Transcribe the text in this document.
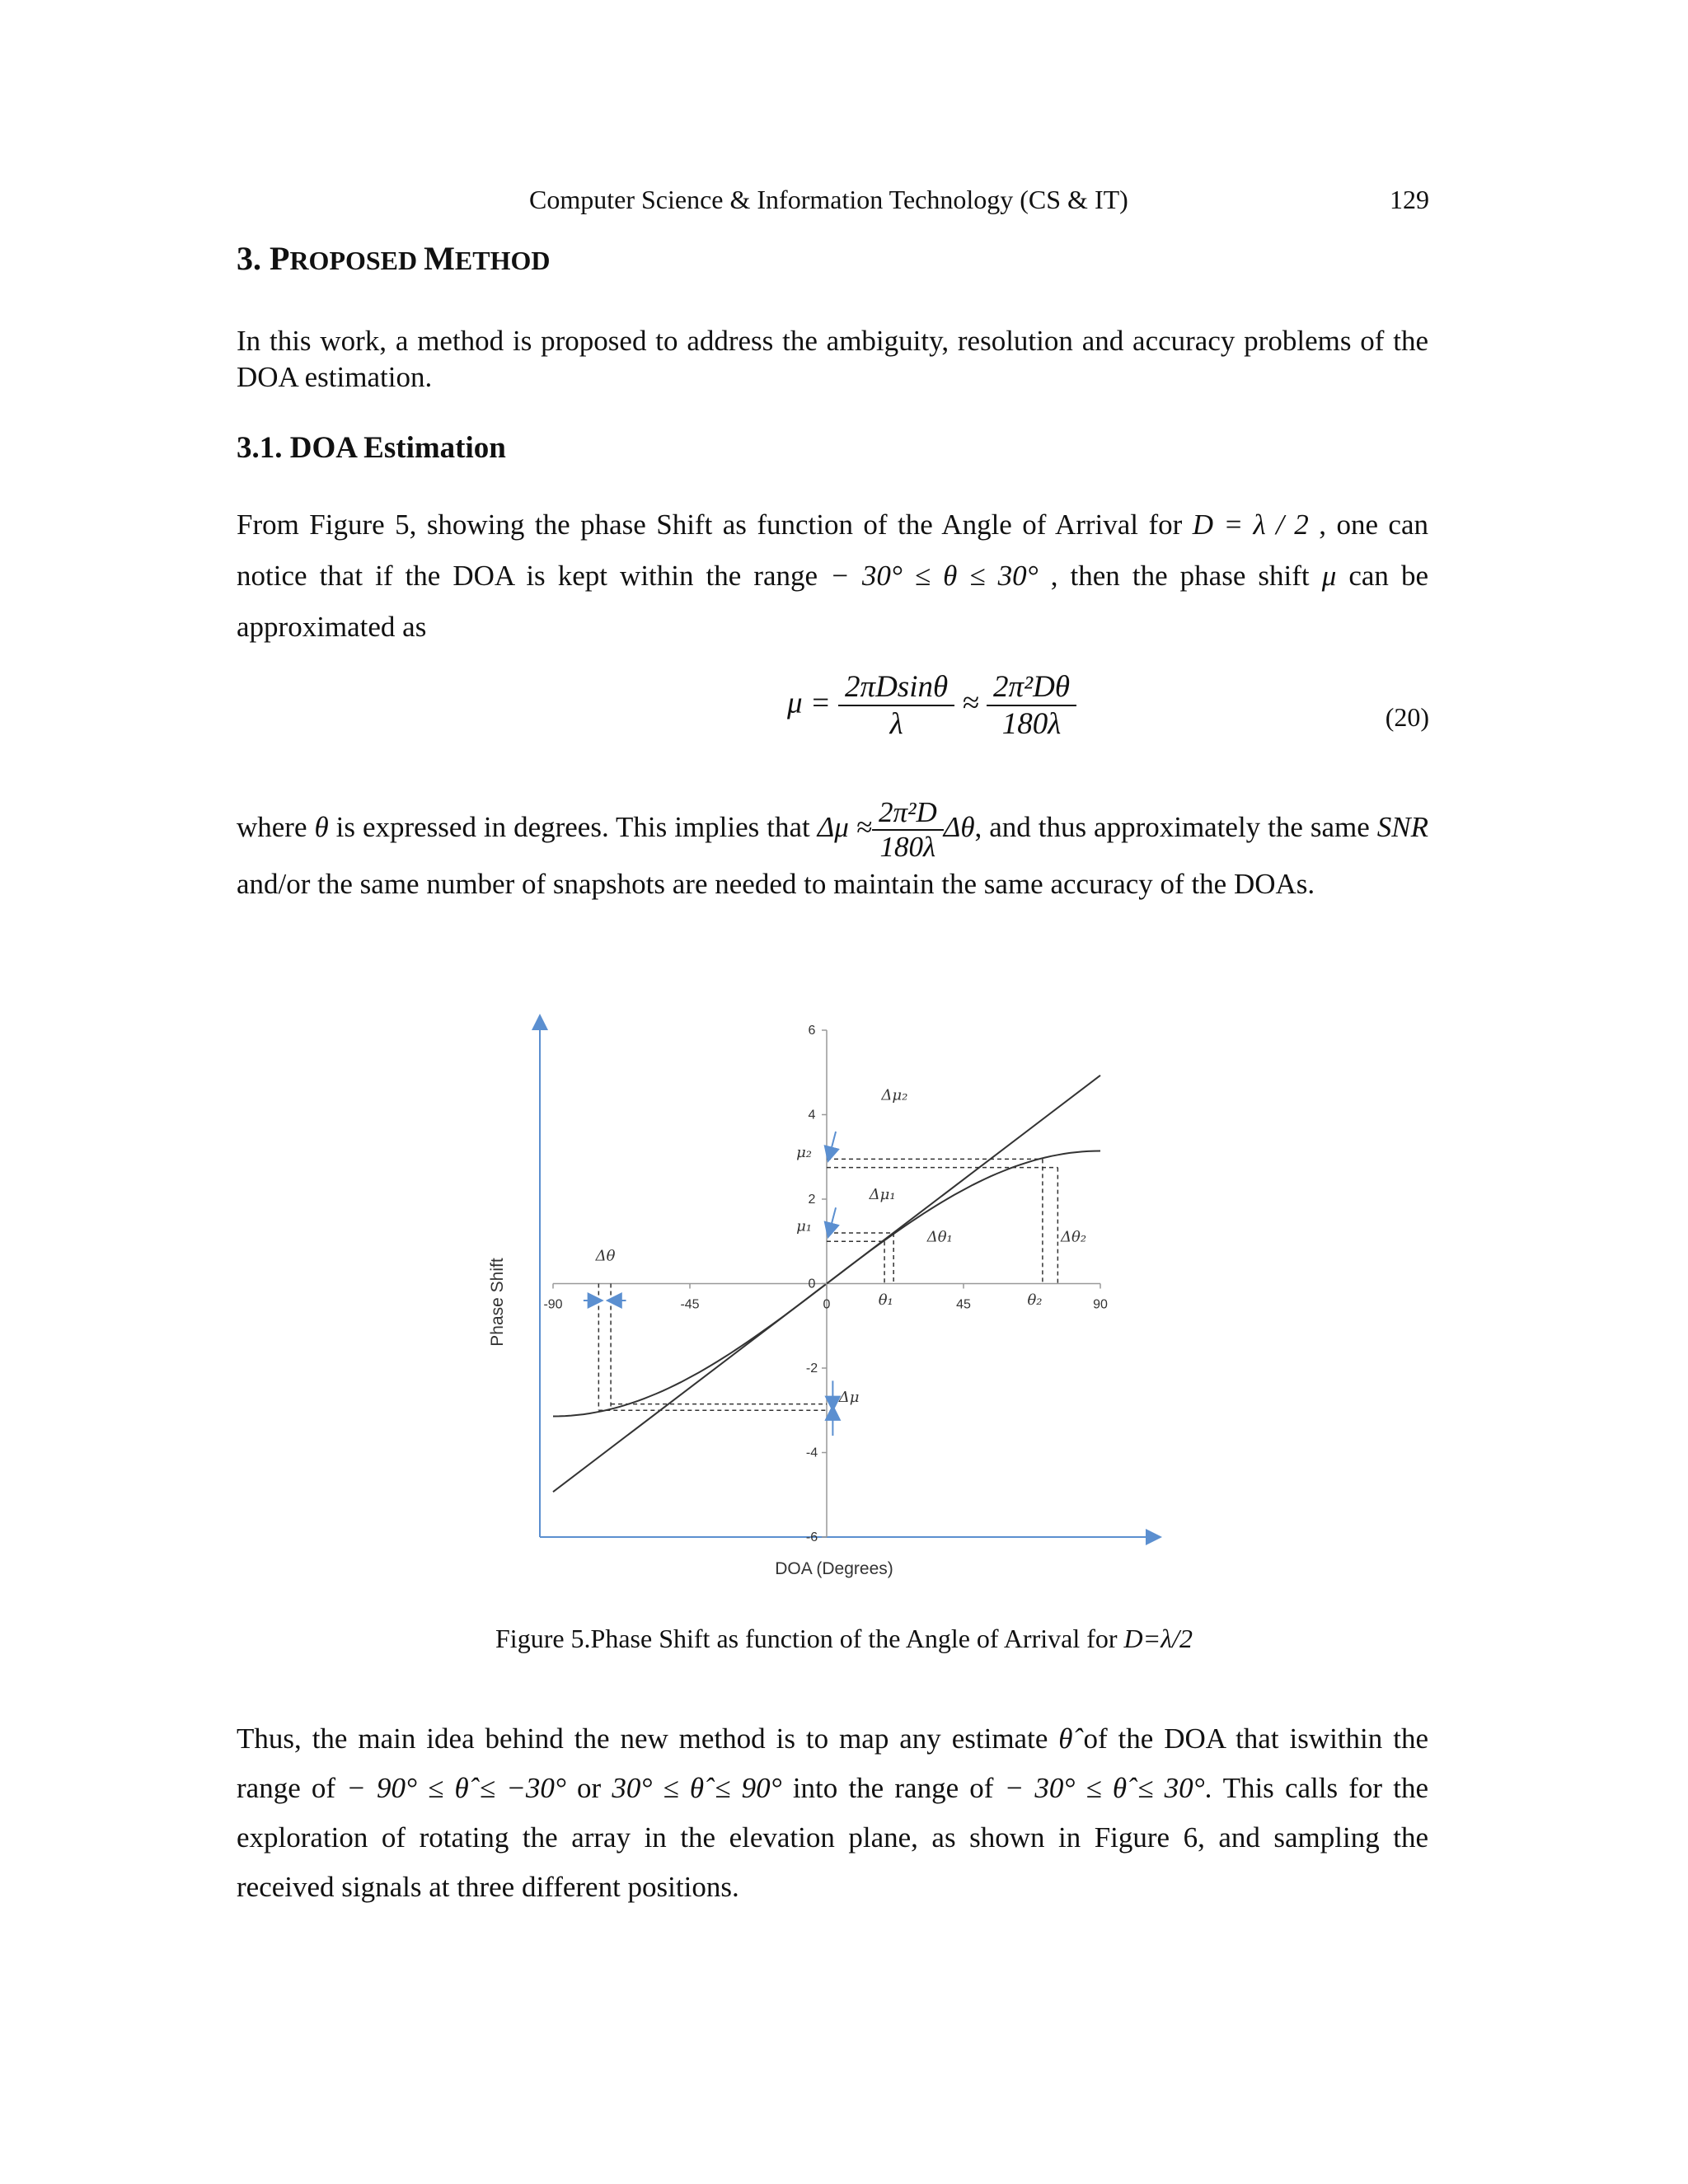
Computer Science & Information Technology (CS & IT)	129
3. PROPOSED METHOD
In this work, a method is proposed to address the ambiguity, resolution and accuracy problems of the DOA estimation.
3.1. DOA Estimation
From Figure 5, showing the phase Shift as function of the Angle of Arrival for D = λ / 2 , one can notice that if the DOA is kept within the range − 30° ≤ θ ≤ 30° , then the phase shift μ can be approximated as
$\mu = \frac{2\pi Dsin\theta}{\lambda} \approx \frac{\text{2π²Dθ}}{180\lambda}$	(20)
where θ is expressed in degrees. This implies that $\Delta\mu \approx \frac{\text{2π²D}}{180\lambda} \Delta\theta$, and thus approximately the same SNR and/or the same number of snapshots are needed to maintain the same accuracy of the DOAs.
Δμ₂
μ₂
Δμ₁
μ₁
Δθ₁	Δθ₂
Δθ
θ₁	θ₂
Δμ
-90	-45	0	45	90
6
4
2
0
-2
-4
-6
DOA (Degrees)
Phase Shift
Figure 5.Phase Shift as function of the Angle of Arrival for D=λ/2
Thus, the main idea behind the new method is to map any estimate θ̂ of the DOA that iswithin the range of − 90° ≤ θ̂ ≤ −30° or 30° ≤ θ̂ ≤ 90° into the range of − 30° ≤ θ̂ ≤ 30°. This calls for the exploration of rotating the array in the elevation plane, as shown in Figure 6, and sampling the received signals at three different positions.
